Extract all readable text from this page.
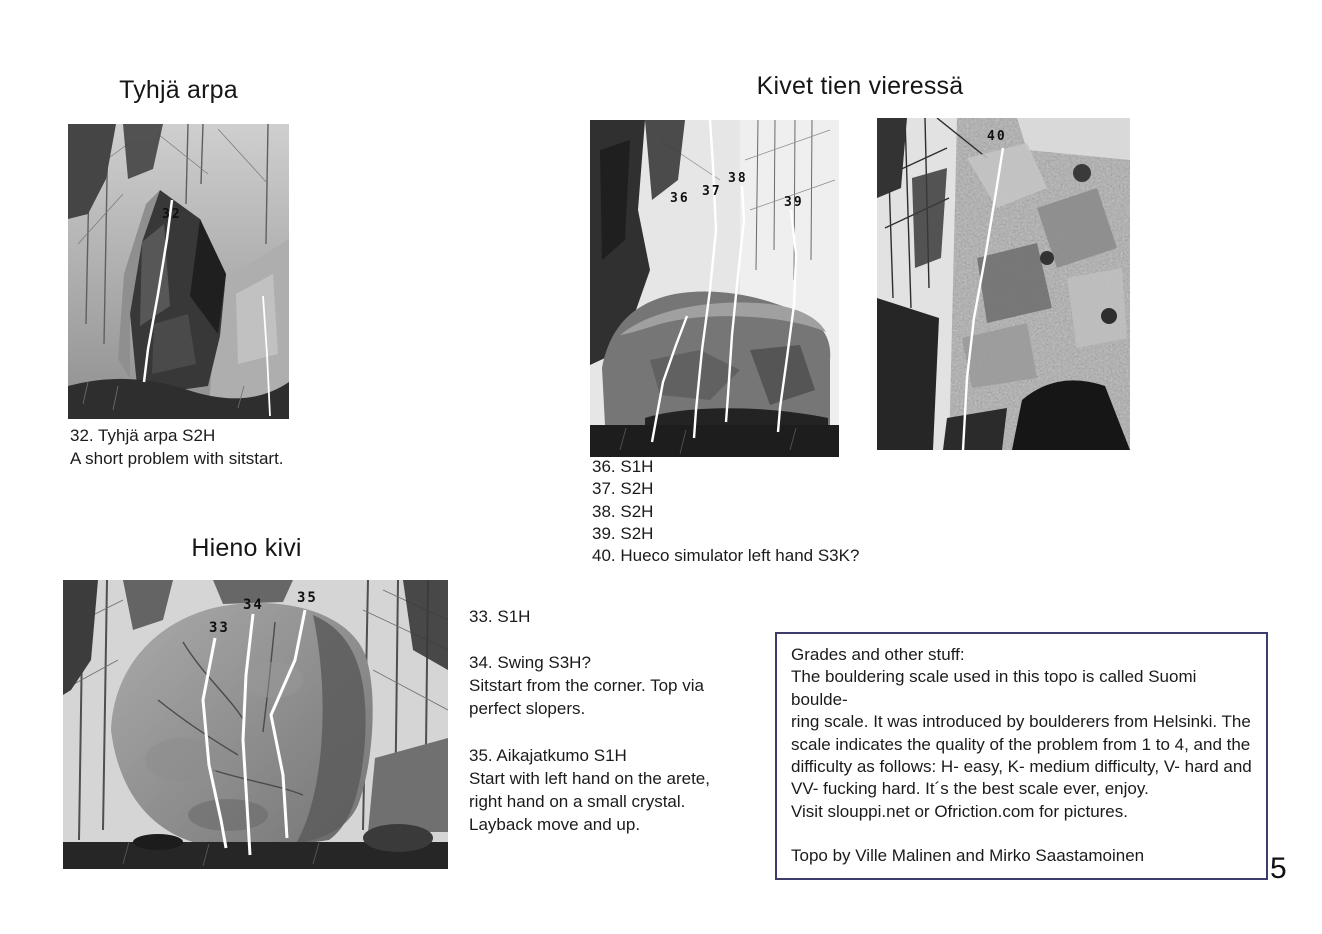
Tyhjä arpa
32
32. Tyhjä arpa S2H
A short problem with sitstart.
Kivet tien vieressä
36 37
38
39
40
36. S1H
37. S2H
38. S2H
39. S2H
40. Hueco simulator left hand S3K?
Hieno kivi
33
34 35
33. S1H
34. Swing S3H?
Sitstart from the corner. Top via
perfect slopers.
35. Aikajatkumo S1H
Start with left hand on the arete,
right hand on a small crystal.
Layback move and up.
Grades and other stuff:
The bouldering scale used in this topo is called Suomi boulde-
ring scale. It was introduced by boulderers from Helsinki. The
scale indicates the quality of the problem from 1 to 4, and the
difficulty as follows: H- easy, K- medium difficulty, V- hard and
VV- fucking hard. It´s the best scale ever, enjoy.
Visit slouppi.net or Ofriction.com for pictures.
Topo by Ville Malinen and Mirko Saastamoinen	5
